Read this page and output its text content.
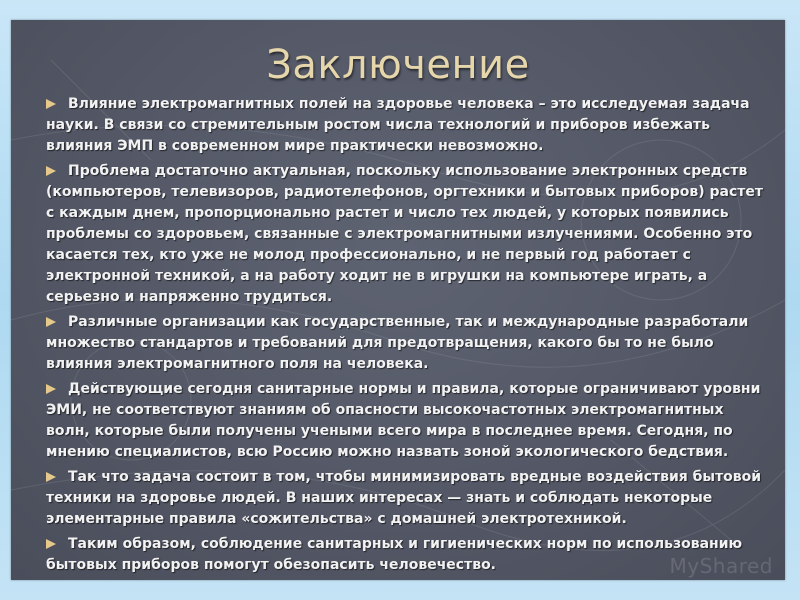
Заключение
Влияние электромагнитных полей на здоровье человека – это исследуемая задача науки. В связи со стремительным ростом числа технологий и приборов избежать влияния ЭМП в современном мире практически невозможно.
Проблема достаточно актуальная, поскольку использование электронных средств (компьютеров, телевизоров, радиотелефонов, оргтехники и бытовых приборов) растет с каждым днем, пропорционально растет и число тех людей, у которых появились проблемы со здоровьем, связанные с электромагнитными излучениями. Особенно это касается тех, кто уже не молод профессионально, и не первый год работает с электронной техникой, а на работу ходит не в игрушки на компьютере играть, а серьезно и напряженно трудиться.
Различные организации как государственные, так и международные разработали множество стандартов и требований для предотвращения, какого бы то не было влияния электромагнитного поля на человека.
Действующие сегодня санитарные нормы и правила, которые ограничивают уровни ЭМИ, не соответствуют знаниям об опасности высокочастотных электромагнитных волн, которые были получены учеными всего мира в последнее время. Сегодня, по мнению специалистов, всю Россию можно назвать зоной экологического бедствия.
Так что задача состоит в том, чтобы минимизировать вредные воздействия бытовой техники на здоровье людей. В наших интересах — знать и соблюдать некоторые элементарные правила «сожительства» с домашней электротехникой.
Таким образом, соблюдение санитарных и гигиенических норм по использованию бытовых приборов помогут обезопасить человечество.	MyShared
